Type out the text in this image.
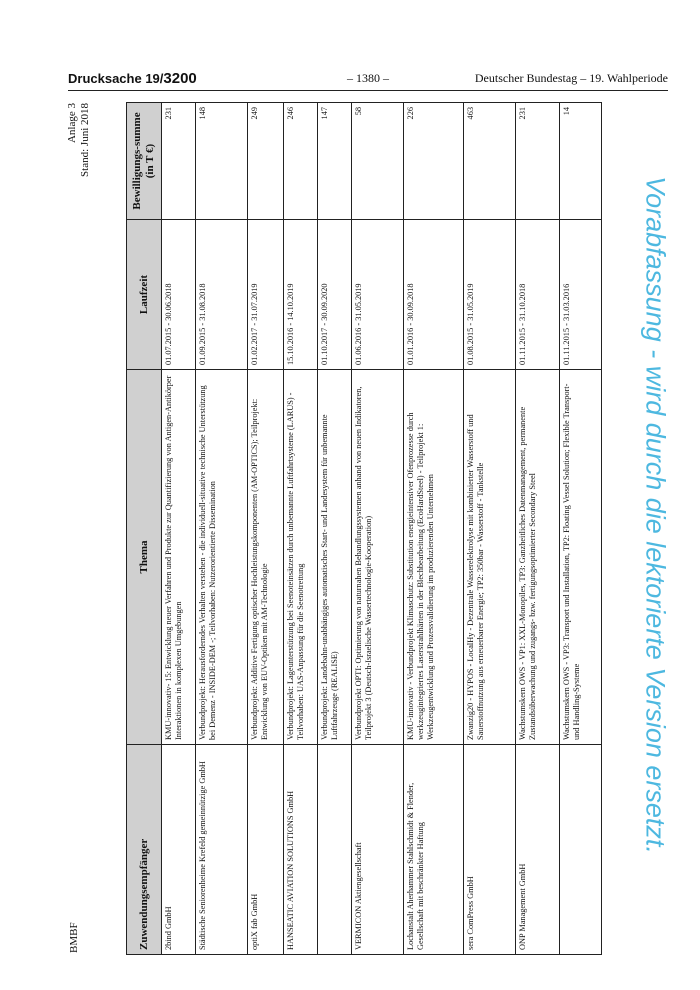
Drucksache 19/3200	– 1380 –	Deutscher Bundestag – 19. Wahlperiode
BMBF
Anlage 3 Stand: Juni 2018
Zuwendungsempfänger	Thema	Laufzeit	Bewilligungs-summe (in T €)
2bind GmbH	KMU-innovativ- 15: Entwicklung neuer Verfahren und Produkte zur Quantifizierung von Antigen-Antikörper Interaktionen in komplexen Umgebungen	01.07.2015 - 30.06.2018	231
Städtische Seniorenheime Krefeld gemeinnützige GmbH	Verbundprojekt: Herausforderndes Verhalten verstehen - die individuell-situative technische Unterstützung bei Demenz - INSIDE-DEM -; Teilvorhaben: Nutzerorientierte Dissemination	01.09.2015 - 31.08.2018	148
optiX fab GmbH	Verbundprojekt: Additive Fertigung optischer Hochleistungskomponenten (AM-OPTICS); Teilprojekt: Entwicklung von EUV-Optiken mit AM-Technologie	01.02.2017 - 31.07.2019	249
HANSEATIC AVIATION SOLUTIONS GmbH	Verbundprojekt: Lageunterstützung bei Seenoteinsätzen durch unbemannte Luftfahrtsysteme (LARUS) - Teilvorhaben: UAS-Anpassung für die Seenotrettung	15.10.2016 - 14.10.2019	246
	Verbundprojekt: Landebahn-unabhängiges automatisches Start- und Landesystem für unbemannte Luftfahrzeuge (REALISE)	01.10.2017 - 30.09.2020	147
VERMICON Aktiengesellschaft	Verbundprojekt OPTI: Optimierung von naturnahen Behandlungssystemen anhand von neuen Indikatoren, Teilprojekt 3 (Deutsch-Israelische Wassertechnologie-Kooperation)	01.06.2016 - 31.05.2019	58
Lochanstalt Aherhammer Stahlschmidt & Flender, Gesellschaft mit beschränkter Haftung	KMU-innovativ - Verbundprojekt Klimaschutz: Substitution energieintensiver Ofenprozesse durch werkzeugintegriertes Laserstrahlhärten in der Blechbearbeitung (EcoHardSteel) - Teilprojekt 1: Werkzeugentwicklung und Prozessvalidierung im produzierenden Unternehmen	01.01.2016 - 30.09.2018	226
sera ComPress GmbH	Zwanzig20 - HYPOS - LocalHy - Dezentrale Wasserelektrolyse mit kombinierter Wasserstoff und Sauerstoffnutzung aus erneuerbarer Energie; TP2: 350bar - Wasserstoff - Tankstelle	01.08.2015 - 31.05.2019	463
ONP Management GmbH	Wachstumskern OWS - VP1: XXL-Monopiles, TP3: Ganzheitliches Datenmanagement, permanente Zustandsüberwachung und zugangs- bzw. fertigungsoptimierter Secondary Steel	01.11.2015 - 31.10.2018	231
	Wachstumskern OWS - VP3: Transport und Installation, TP2: Floating Vessel Solution; Flexible Transport- und Handling-Systeme	01.11.2015 - 31.03.2016	14
Vorabfassung - wird durch die lektorierte Version ersetzt.
